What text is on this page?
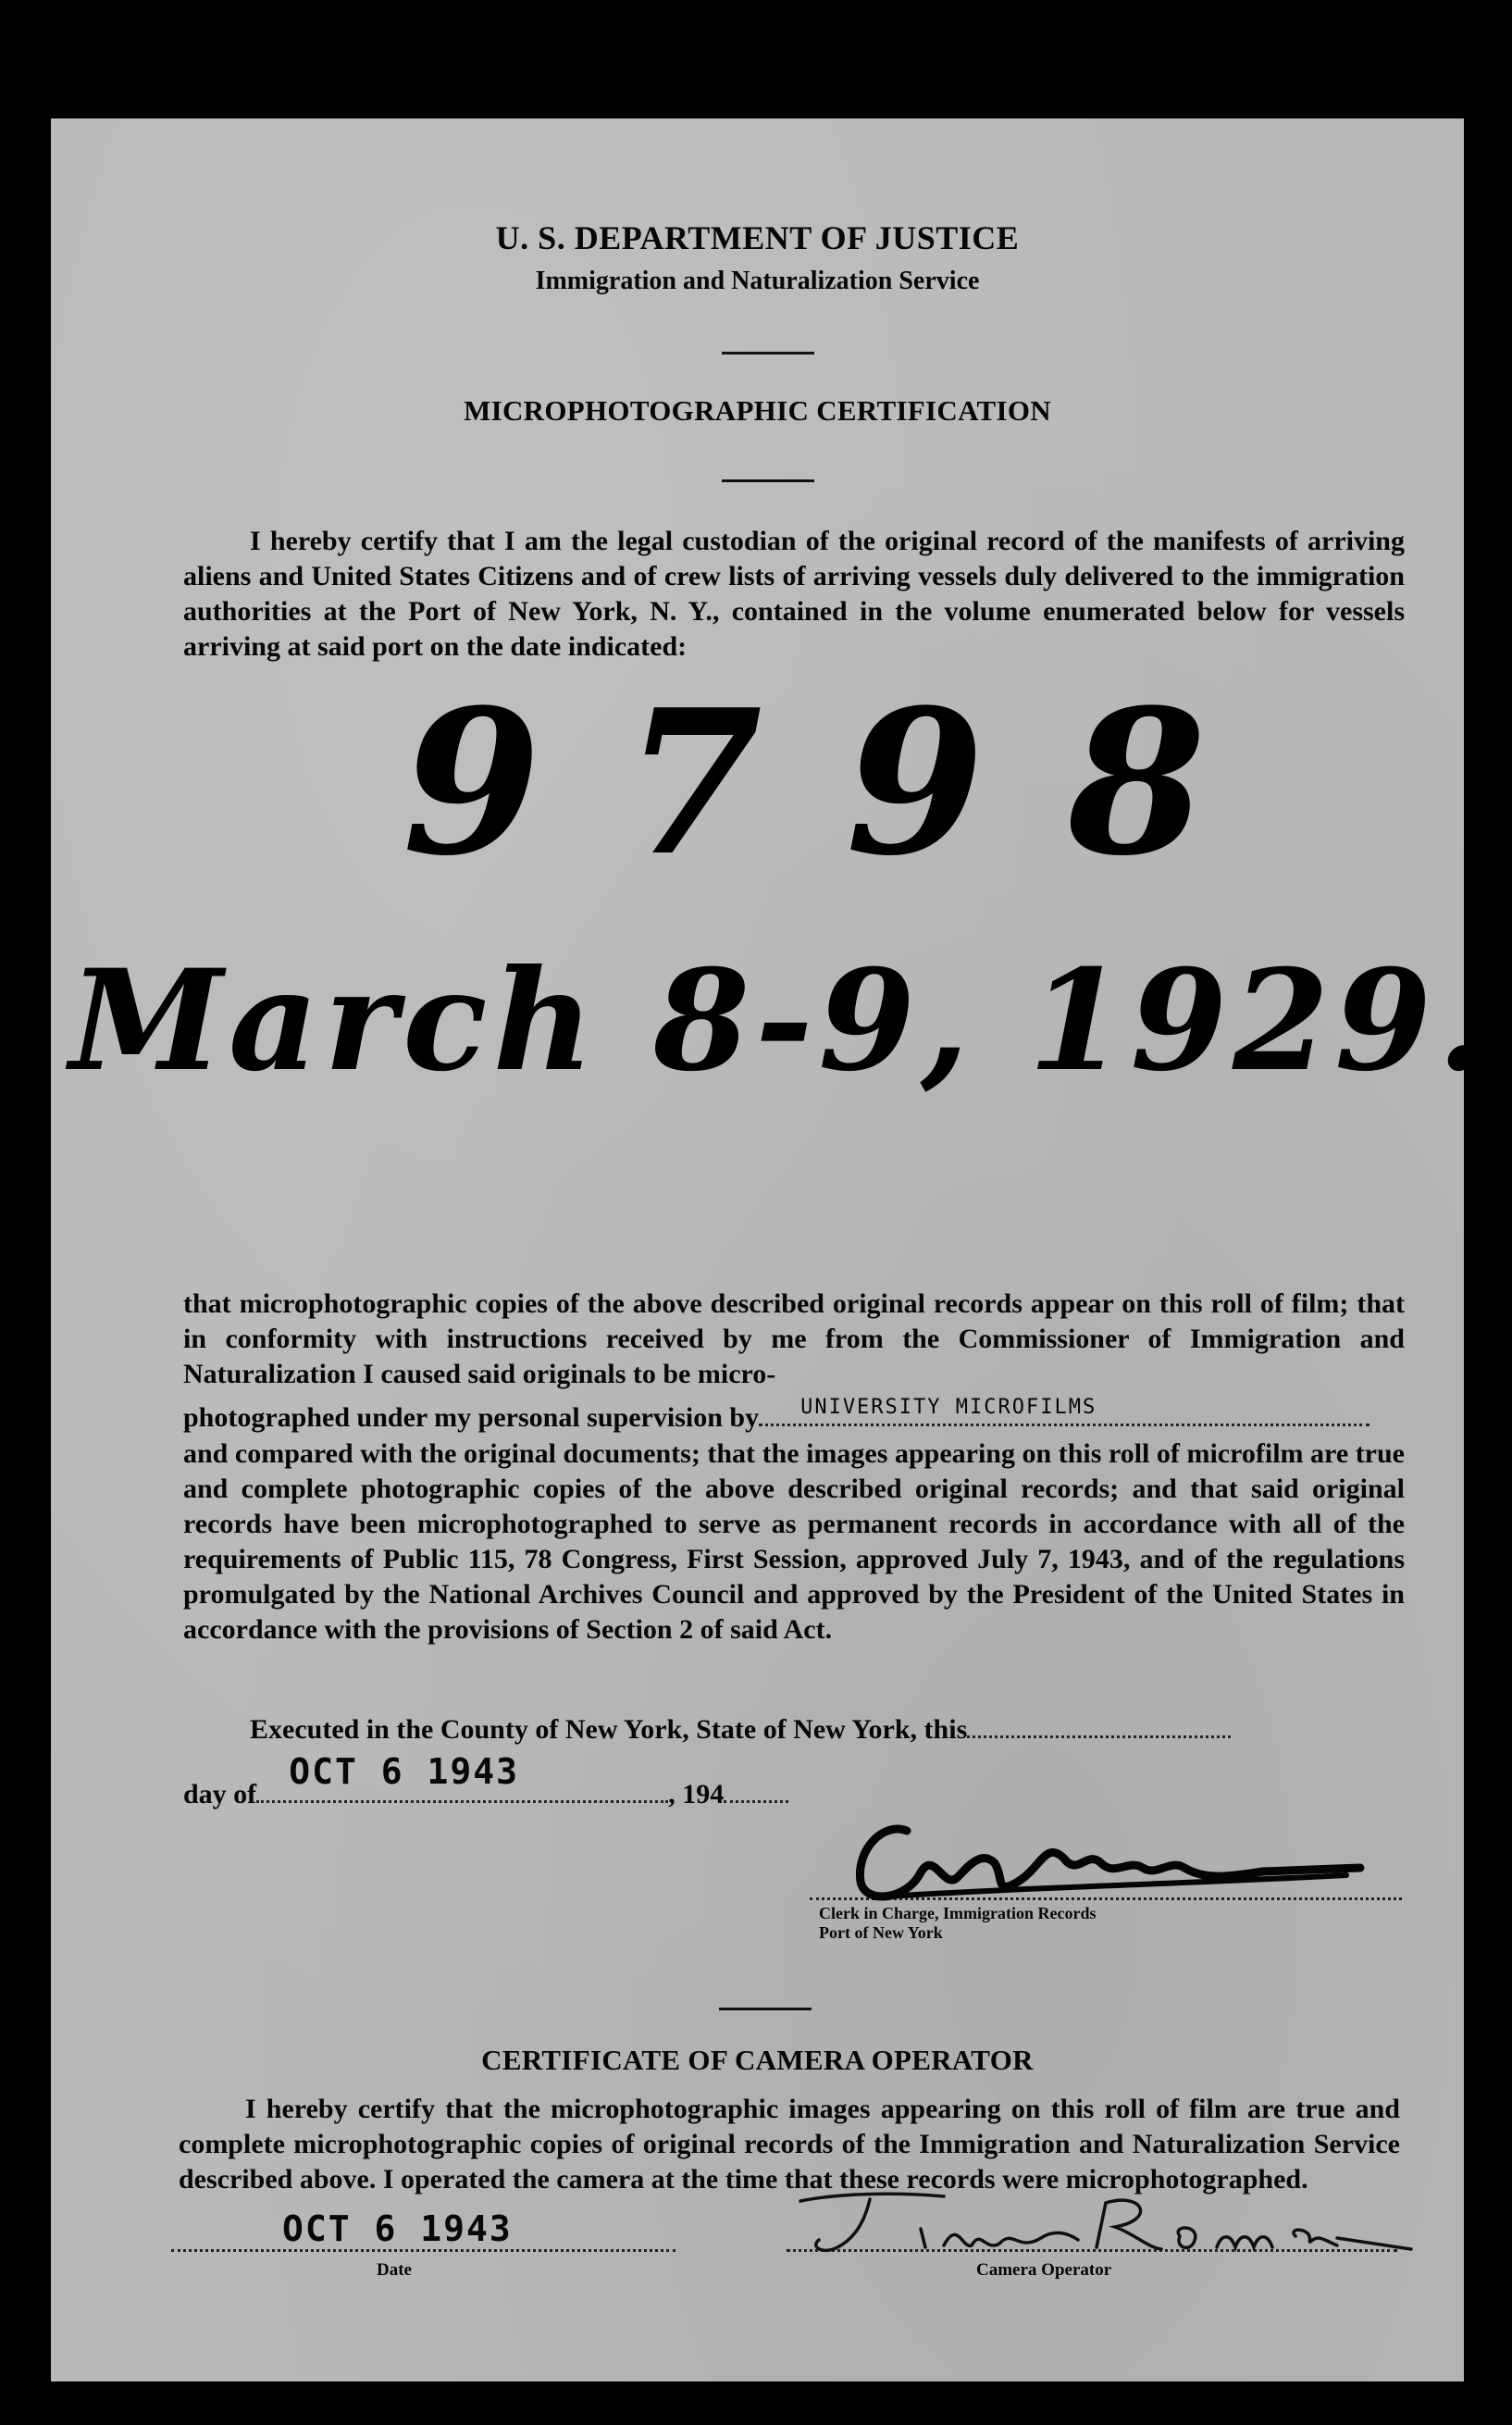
U. S. DEPARTMENT OF JUSTICE
Immigration and Naturalization Service
MICROPHOTOGRAPHIC CERTIFICATION
I hereby certify that I am the legal custodian of the original record of the manifests of arriving aliens and United States Citizens and of crew lists of arriving vessels duly delivered to the immigration authorities at the Port of New York, N. Y., contained in the volume enumerated below for vessels arriving at said port on the date indicated:
9798
March 8-9, 1929.
that microphotographic copies of the above described original records appear on this roll of film; that in conformity with instructions received by me from the Commissioner of Immigration and Naturalization I caused said originals to be micro-
photographed under my personal supervision by UNIVERSITY MICROFILMS
and compared with the original documents; that the images appearing on this roll of microfilm are true and complete photographic copies of the above described original records; and that said original records have been microphotographed to serve as permanent records in accordance with all of the requirements of Public 115, 78 Congress, First Session, approved July 7, 1943, and of the regulations promulgated by the National Archives Council and approved by the President of the United States in accordance with the provisions of Section 2 of said Act.
Executed in the County of New York, State of New York, this
day of
OCT 6 1943
, 194
Clerk in Charge, Immigration Records
Port of New York
CERTIFICATE OF CAMERA OPERATOR
I hereby certify that the microphotographic images appearing on this roll of film are true and complete microphotographic copies of original records of the Immigration and Naturalization Service described above. I operated the camera at the time that these records were microphotographed.
OCT 6 1943
Date	Camera Operator
